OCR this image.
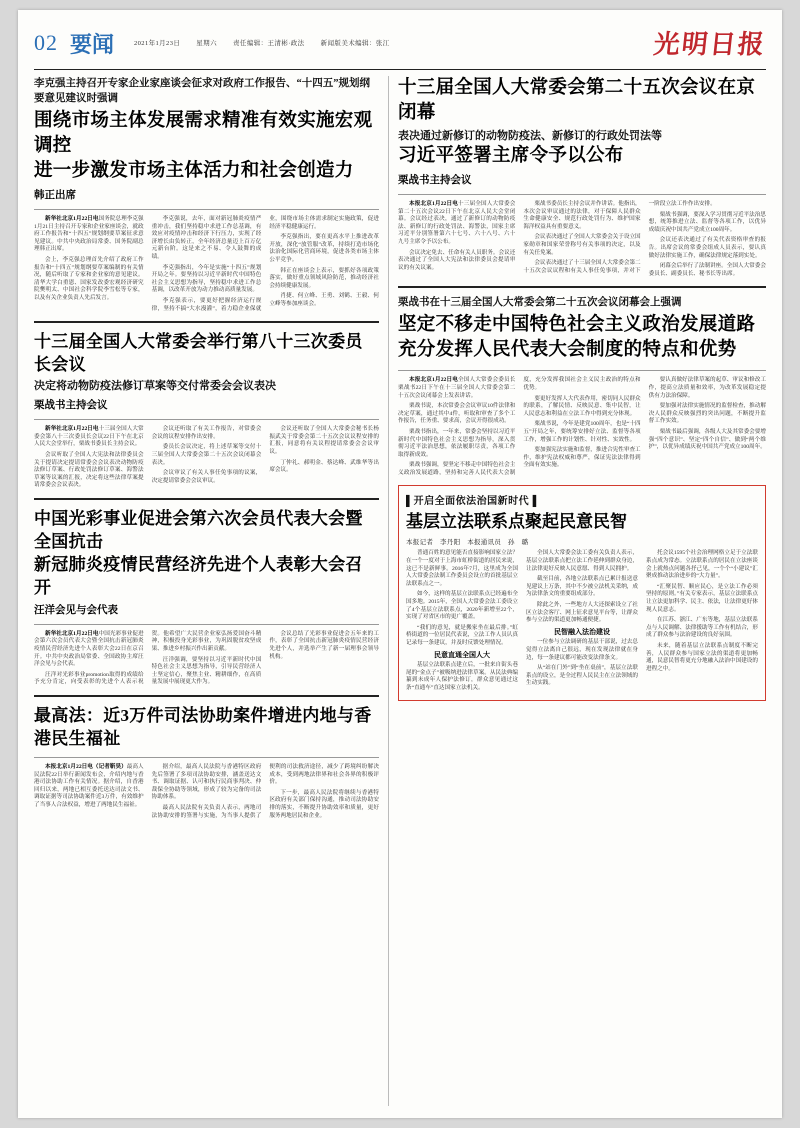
02 要闻	2021年1月23日 星期六 责任编辑：王清彬·政法 新闻版美术编辑：张江	光明日报
李克强主持召开专家企业家座谈会征求对政府工作报告、“十四五”规划纲要意见建议时强调
围绕市场主体发展需求精准有效实施宏观调控
进一步激发市场主体活力和社会创造力
韩正出席

新华社北京1月22日电国务院总理李克强1月21日主持召开专家和企业家座谈会，就政府工作报告和“十四五”规划纲要草案征求意见建议。中共中央政治局常委、国务院副总理韩正出席。

会上，李克强总理首先介绍了政府工作报告和“十四五”规划纲要草案编制的有关情况，随后听取了专家和企业家的意见建议。清华大学白重恩、国家发改委宏观经济研究院樊明太、中国社会科学院李雪松等专家，以及有关企业负责人先后发言。

李克强说，去年，面对新冠肺炎疫情严重冲击，我们坚持稳中求进工作总基调，有效应对疫情冲击和经济下行压力，实现了经济增长由负转正，全年经济总量迈上百万亿元新台阶。这是来之不易、令人鼓舞的成绩。

李克强指出，今年是实施“十四五”规划开局之年。要坚持以习近平新时代中国特色社会主义思想为指导，坚持稳中求进工作总基调，以改革开放为动力推动高质量发展。

李克强表示，要更好把握经济运行规律，坚持不搞“大水漫灌”，着力稳企业保就业，围绕市场主体需求制定实施政策，促进经济平稳健康运行。

李克强指出，要在更高水平上推进改革开放，深化“放管服”改革，持续打造市场化法治化国际化营商环境，促进各类市场主体公平竞争。

韩正在座谈会上表示，要抓好各项政策落实，做好重点领域风险防范，推动经济社会持续健康发展。

肖捷、何立峰、王勇、刘鹤、王毅、何立峰等参加座谈会。

十三届全国人大常委会举行第八十三次委员长会议
决定将动物防疫法修订草案等交付常委会会议表决
栗战书主持会议

新华社北京1月22日电十三届全国人大常委会第八十三次委员长会议22日下午在北京人民大会堂举行，栗战书委员长主持会议。

会议听取了全国人大宪法和法律委员会关于提请决定提请常委会会议表决动物防疫法修订草案、行政处罚法修订草案、海警法草案等议案的汇报，决定将这些法律草案提请常委会会议表决。

会议还听取了有关工作报告，对常委会会议的议程安排作出安排。

委员长会议决定，将上述草案等交付十三届全国人大常委会第二十五次会议闭幕会表决。

会议审议了有关人事任免事项的议案，决定提请常委会会议审议。

会议还听取了全国人大常委会秘书长杨振武关于常委会第二十五次会议议程安排的汇报，同意将有关议程提请常委会会议审议。

丁仲礼、郝明金、蔡达峰、武维华等出席会议。

中国光彩事业促进会第六次会员代表大会暨全国抗击
新冠肺炎疫情民营经济先进个人表彰大会召开
汪洋会见与会代表

新华社北京1月22日电中国光彩事业促进会第六次会员代表大会暨全国抗击新冠肺炎疫情民营经济先进个人表彰大会22日在京召开。中共中央政治局常委、全国政协主席汪洋会见与会代表。

汪洋对光彩事业promotion取得的成绩给予充分肯定，向受表彰的先进个人表示祝贺。他希望广大民营企业家弘扬爱国奋斗精神，积极投身光彩事业，为巩固脱贫攻坚成果、推进乡村振兴作出新贡献。

汪洋强调，要坚持以习近平新时代中国特色社会主义思想为指导，引导民营经济人士坚定信心，聚焦主业、精耕细作，在高质量发展中展现更大作为。

会议总结了光彩事业促进会五年来的工作，表彰了全国抗击新冠肺炎疫情民营经济先进个人，并选举产生了新一届理事会领导机构。

最高法：近3万件司法协助案件增进内地与香港民生福祉

本报北京1月22日电（记者靳昊）最高人民法院22日举行新闻发布会，介绍内地与香港司法协助工作有关情况。据介绍，自香港回归以来，两地已相互委托送达司法文书、调取证据等司法协助案件近3万件，有效维护了当事人合法权益，增进了两地民生福祉。

据介绍，最高人民法院与香港特区政府先后签署了多项司法协助安排，涵盖送达文书、调取证据、认可和执行民商事判决、仲裁保全协助等领域，形成了较为完备的司法协助体系。

最高人民法院有关负责人表示，两地司法协助安排的签署与实施，为当事人提供了便利的司法救济途径，减少了跨境纠纷解决成本，受到两地法律界和社会各界的积极评价。

下一步，最高人民法院将继续与香港特区政府有关部门保持沟通，推动司法协助安排的落实，不断提升协助效率和质量，更好服务两地居民和企业。

十三届全国人大常委会第二十五次会议在京闭幕
表决通过新修订的动物防疫法、新修订的行政处罚法等
习近平签署主席令予以公布
栗战书主持会议

本报北京1月22日电十三届全国人大常委会第二十五次会议22日下午在北京人民大会堂闭幕。会议经过表决，通过了新修订的动物防疫法、新修订的行政处罚法、海警法，国家主席习近平分别签署第六十七号、六十八号、六十九号主席令予以公布。

会议决定免去、任命有关人员职务。会议还表决通过了全国人大宪法和法律委员会提请审议的有关议案。

栗战书委员长主持会议并作讲话。他指出，本次会议审议通过的法律，对于保障人民群众生命健康安全、规范行政处罚行为、维护国家海洋权益具有重要意义。

会议表决通过了全国人大常委会关于设立国家勋章和国家荣誉称号有关事项的决定，以及有关任免案。

会议表决通过了十三届全国人大常委会第二十五次会议议程和有关人事任免事项，并对下一阶段立法工作作出安排。

栗战书强调，要深入学习贯彻习近平法治思想，统筹推进立法、监督等各项工作，以优异成绩庆祝中国共产党成立100周年。

会议还表决通过了有关代表资格审查的报告。出席会议的常委会组成人员表示，要认真做好法律实施工作，确保法律规定落到实处。

闭幕会后举行了法制讲座。全国人大常委会委员长、副委员长、秘书长等出席。

栗战书在十三届全国人大常委会第二十五次会议闭幕会上强调
坚定不移走中国特色社会主义政治发展道路
充分发挥人民代表大会制度的特点和优势

本报北京1月22日电全国人大常委会委员长栗战书22日下午在十三届全国人大常委会第二十五次会议闭幕会上发表讲话。

栗战书说，本次常委会会议审议10件法律和决定草案，通过其中4件，听取和审查了多个工作报告，任务重、要求高，会议开得很成功。

栗战书指出，一年来，常委会坚持以习近平新时代中国特色社会主义思想为指导，深入贯彻习近平法治思想，依法履职尽责，各项工作取得新成效。

栗战书强调，要坚定不移走中国特色社会主义政治发展道路，坚持和完善人民代表大会制度，充分发挥我国社会主义民主政治的特点和优势。

要更好发挥人大代表作用，密切同人民群众的联系，了解民情、反映民意、集中民智，让人民意志和利益在立法工作中得到充分体现。

栗战书说，今年是建党100周年，也是“十四五”开局之年，要统筹安排好立法、监督等各项工作，增强工作的计划性、针对性、实效性。

要加强宪法实施和监督，推进合宪性审查工作，维护宪法权威和尊严，保证宪法法律得到全面有效实施。

要认真做好法律草案的起草、审议和修改工作，提高立法质量和效率，为改革发展稳定提供有力法治保障。

要加强对法律实施情况的监督检查，推动解决人民群众反映强烈的突出问题，不断提升监督工作实效。

栗战书最后强调，各级人大及其常委会要增强“四个意识”、坚定“四个自信”、做到“两个维护”，以优异成绩庆祝中国共产党成立100周年。

▌开启全面依法治国新时代▐
基层立法联系点聚起民意民智
本报记者　李丹阳　本报通讯员　孙　璐

普通百姓的意见能否直接影响国家立法？在一个一度对于上海市虹桥街道的居民来说，这已不是新鲜事。2016年7月，这里成为全国人大常委会法制工作委员会设立的首批基层立法联系点之一。

如今，这样的基层立法联系点已经遍布全国多地。2015年，全国人大常委会法工委设立了4个基层立法联系点，2020年新增至22个，实现了对省区市的更广覆盖。

“我们的意见，就是搬家坐在最后排。”虹桥街道的一位居民代表说，立法工作人员认真记录每一条建议，并及时反馈处理情况。

民意直通全国人大

基层立法联系点建立后，一批来自街头巷尾的“金点子”被吸纳进法律草案。从民法典编纂到未成年人保护法修订，群众意见通过这条“直通车”直达国家立法机关。

全国人大常委会法工委有关负责人表示，基层立法联系点把立法工作延伸到群众身边，让法律更好反映人民意愿、得到人民拥护。

截至目前，各地立法联系点已累计报送意见建议上万条，其中不少被立法机关采纳，成为法律条文的重要组成部分。

除此之外，一些地方人大还探索设立了社区立法会客厅、网上征求意见平台等，让群众参与立法的渠道更加畅通便捷。

民智融入法治建设

一位参与立法调研的基层干部说，过去总觉得立法离自己很远，现在发现法律就在身边，每一条建议都可能改变法律条文。

从“站在门外”到“坐在桌前”，基层立法联系点的设立，是全过程人民民主在立法领域的生动实践。

托会议1595个社会治理网格立足于立法联系点成为常态。立法联系点的居民在立法座谈会上就热点问题各抒己见，一个个“小建议”汇聚成推动法治进步的“大力量”。

“汇聚民智、顺应民心，是立法工作必须坚持的原则。”有关专家表示，基层立法联系点让立法更加科学、民主、依法，让法律更好体现人民意志。

在江苏、浙江、广东等地，基层立法联系点与人民调解、法律援助等工作有机结合，形成了群众参与法治建设的良好氛围。

未来，随着基层立法联系点制度不断完善，人民群众参与国家立法的渠道将更加畅通，民意民智将更充分地融入法治中国建设的进程之中。
